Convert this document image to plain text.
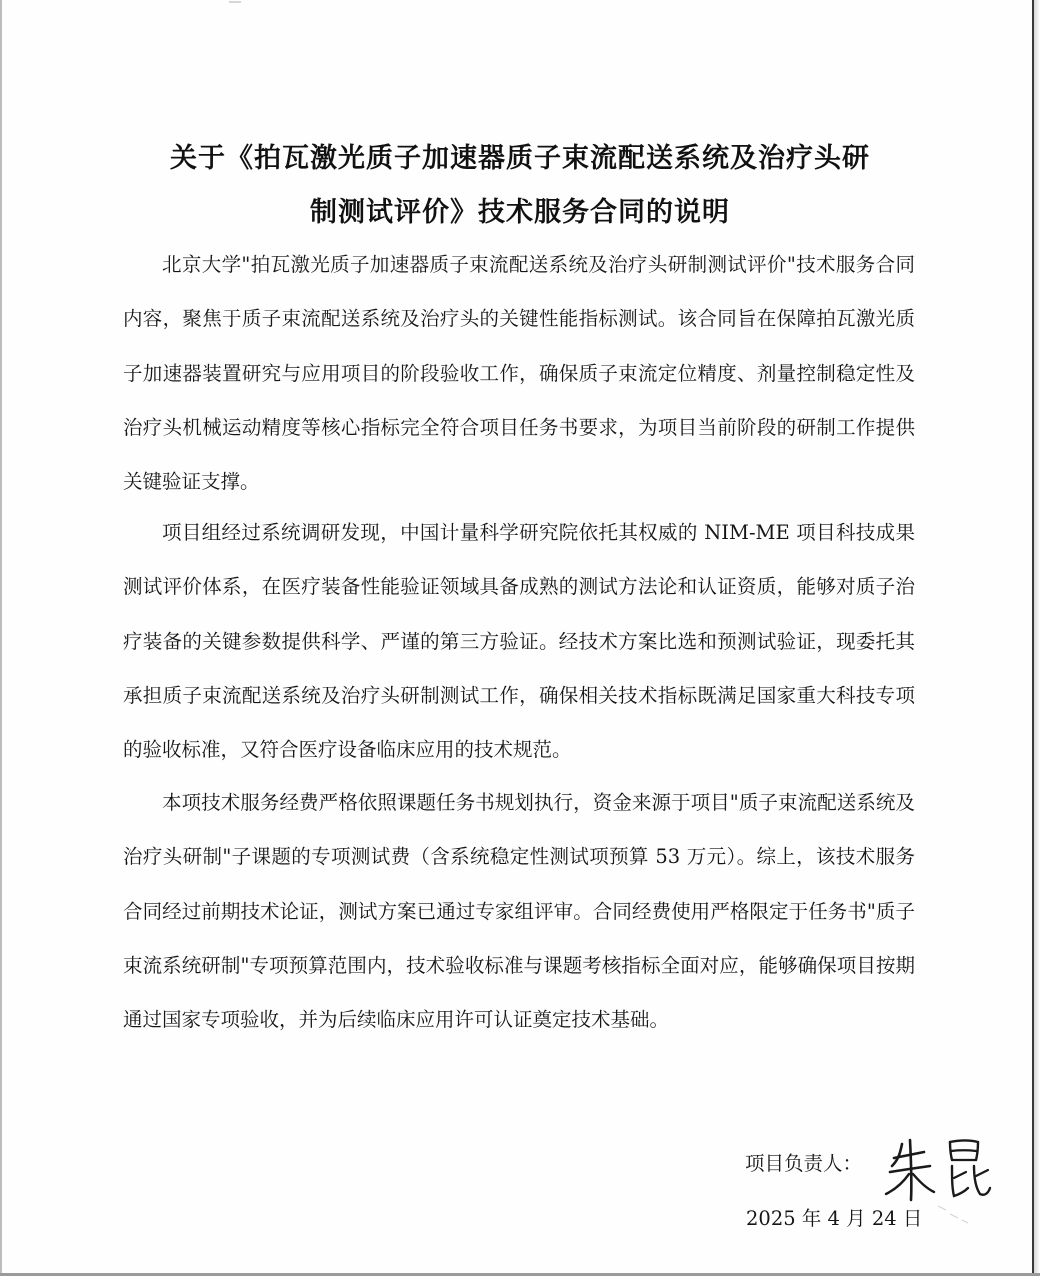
关于《拍瓦激光质子加速器质子束流配送系统及治疗头研
制测试评价》技术服务合同的说明

北京大学"拍瓦激光质子加速器质子束流配送系统及治疗头研制测试评价"技术服务合同内容，聚焦于质子束流配送系统及治疗头的关键性能指标测试。该合同旨在保障拍瓦激光质子加速器装置研究与应用项目的阶段验收工作，确保质子束流定位精度、剂量控制稳定性及治疗头机械运动精度等核心指标完全符合项目任务书要求，为项目当前阶段的研制工作提供关键验证支撑。

项目组经过系统调研发现，中国计量科学研究院依托其权威的 NIM-ME 项目科技成果测试评价体系，在医疗装备性能验证领域具备成熟的测试方法论和认证资质，能够对质子治疗装备的关键参数提供科学、严谨的第三方验证。经技术方案比选和预测试验证，现委托其承担质子束流配送系统及治疗头研制测试工作，确保相关技术指标既满足国家重大科技专项的验收标准，又符合医疗设备临床应用的技术规范。

本项技术服务经费严格依照课题任务书规划执行，资金来源于项目"质子束流配送系统及治疗头研制"子课题的专项测试费（含系统稳定性测试项预算 53 万元）。综上，该技术服务合同经过前期技术论证，测试方案已通过专家组评审。合同经费使用严格限定于任务书"质子束流系统研制"专项预算范围内，技术验收标准与课题考核指标全面对应，能够确保项目按期通过国家专项验收，并为后续临床应用许可认证奠定技术基础。

项目负责人：
2025 年 4 月 24 日
